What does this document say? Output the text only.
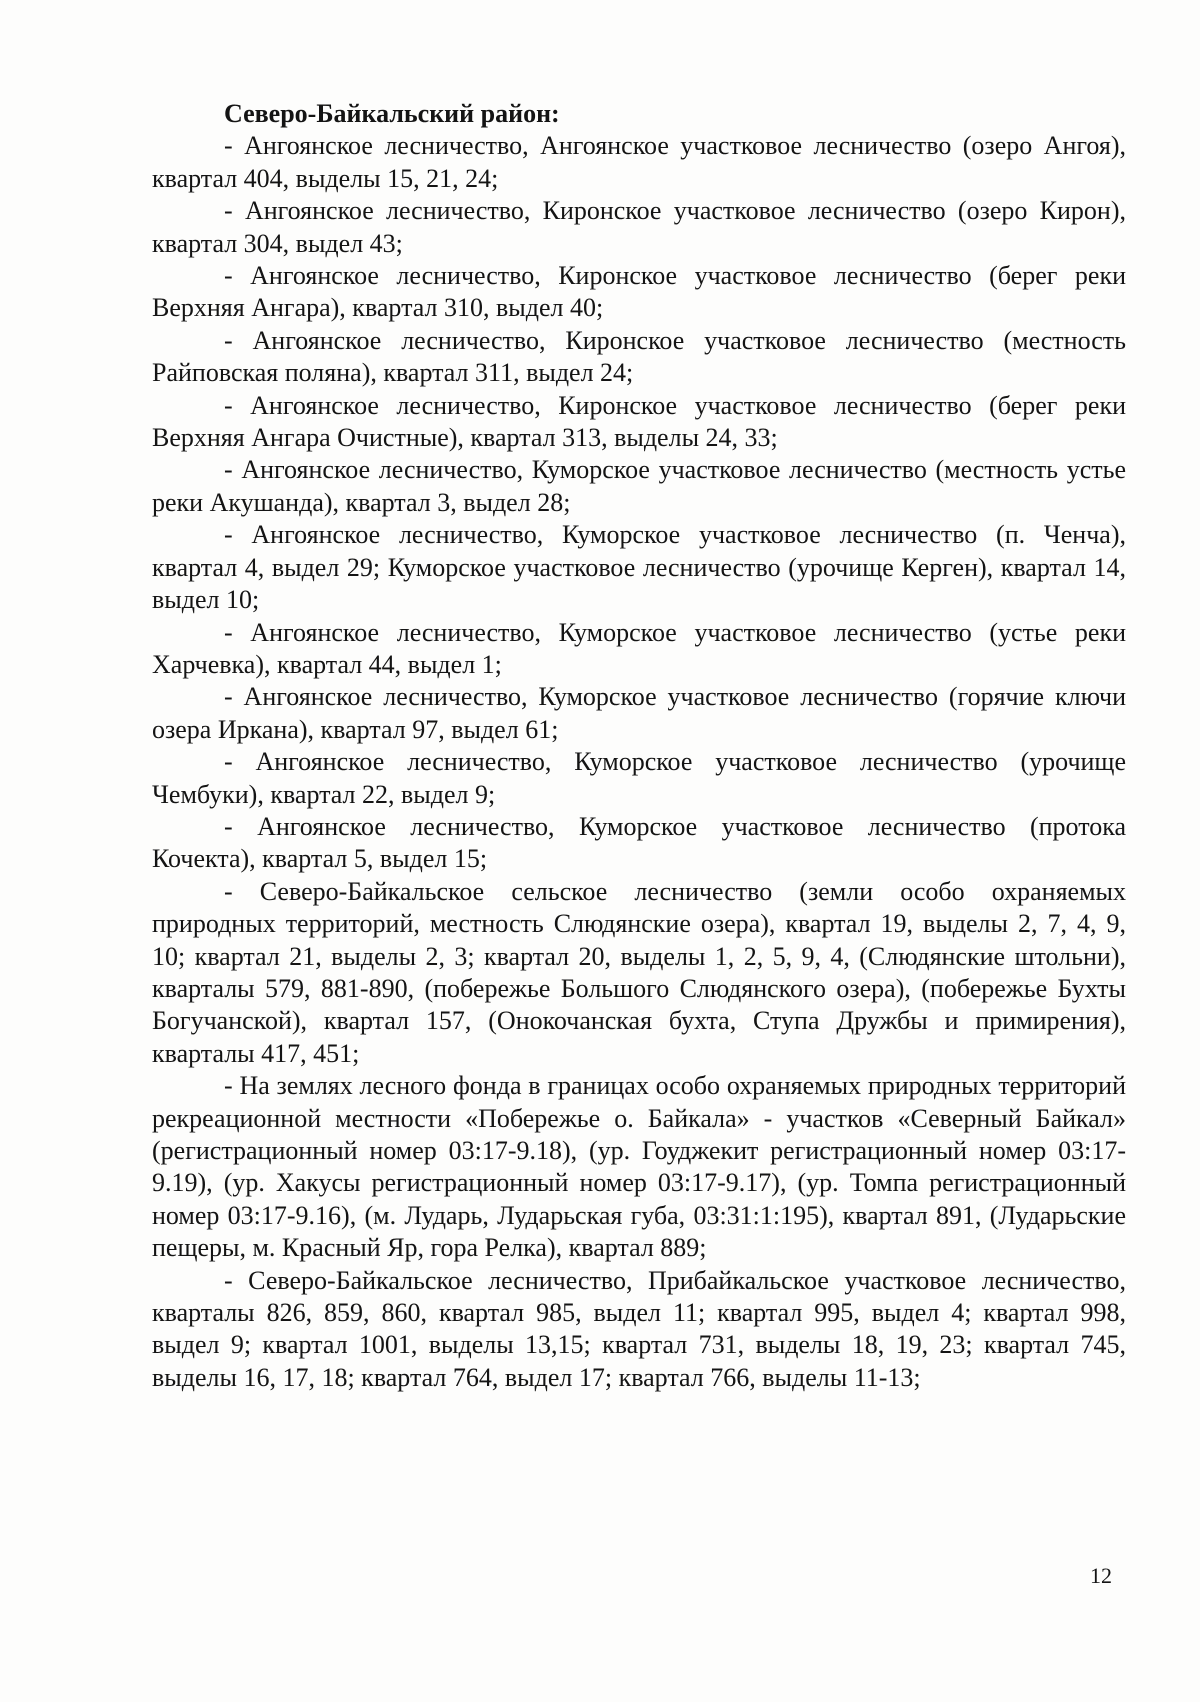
Северо-Байкальский район:

- Ангоянское лесничество, Ангоянское участковое лесничество (озеро Ангоя), квартал 404, выделы 15, 21, 24;

- Ангоянское лесничество, Киронское участковое лесничество (озеро Кирон), квартал 304, выдел 43;

- Ангоянское лесничество, Киронское участковое лесничество (берег реки Верхняя Ангара), квартал 310, выдел 40;

- Ангоянское лесничество, Киронское участковое лесничество (местность Райповская поляна), квартал 311, выдел 24;

- Ангоянское лесничество, Киронское участковое лесничество (берег реки Верхняя Ангара Очистные), квартал 313, выделы 24, 33;

- Ангоянское лесничество, Куморское участковое лесничество (местность устье реки Акушанда), квартал 3, выдел 28;

- Ангоянское лесничество, Куморское участковое лесничество (п. Ченча), квартал 4, выдел 29; Куморское участковое лесничество (урочище Керген), квартал 14, выдел 10;

- Ангоянское лесничество, Куморское участковое лесничество (устье реки Харчевка), квартал 44, выдел 1;

- Ангоянское лесничество, Куморское участковое лесничество (горячие ключи озера Иркана), квартал 97, выдел 61;

- Ангоянское лесничество, Куморское участковое лесничество (урочище Чембуки), квартал 22, выдел 9;

- Ангоянское лесничество, Куморское участковое лесничество (протока Кочекта), квартал 5, выдел 15;

- Северо-Байкальское сельское лесничество (земли особо охраняемых природных территорий, местность Слюдянские озера), квартал 19, выделы 2, 7, 4, 9, 10; квартал 21, выделы 2, 3; квартал 20, выделы 1, 2, 5, 9, 4, (Слюдянские штольни), кварталы 579, 881-890, (побережье Большого Слюдянского озера), (побережье Бухты Богучанской), квартал 157, (Онокочанская бухта, Ступа Дружбы и примирения), кварталы 417, 451;

- На землях лесного фонда в границах особо охраняемых природных территорий рекреационной местности «Побережье о. Байкала» - участков «Северный Байкал» (регистрационный номер 03:17-9.18), (ур. Гоуджекит регистрационный номер 03:17-9.19), (ур. Хакусы регистрационный номер 03:17-9.17), (ур. Томпа регистрационный номер 03:17-9.16), (м. Лударь, Лударьская губа, 03:31:1:195), квартал 891, (Лударьские пещеры, м. Красный Яр, гора Релка), квартал 889;

- Северо-Байкальское лесничество, Прибайкальское участковое лесничество, кварталы 826, 859, 860, квартал 985, выдел 11; квартал 995, выдел 4; квартал 998, выдел 9; квартал 1001, выделы 13,15; квартал 731, выделы 18, 19, 23; квартал 745, выделы 16, 17, 18; квартал 764, выдел 17; квартал 766, выделы 11-13;

12
